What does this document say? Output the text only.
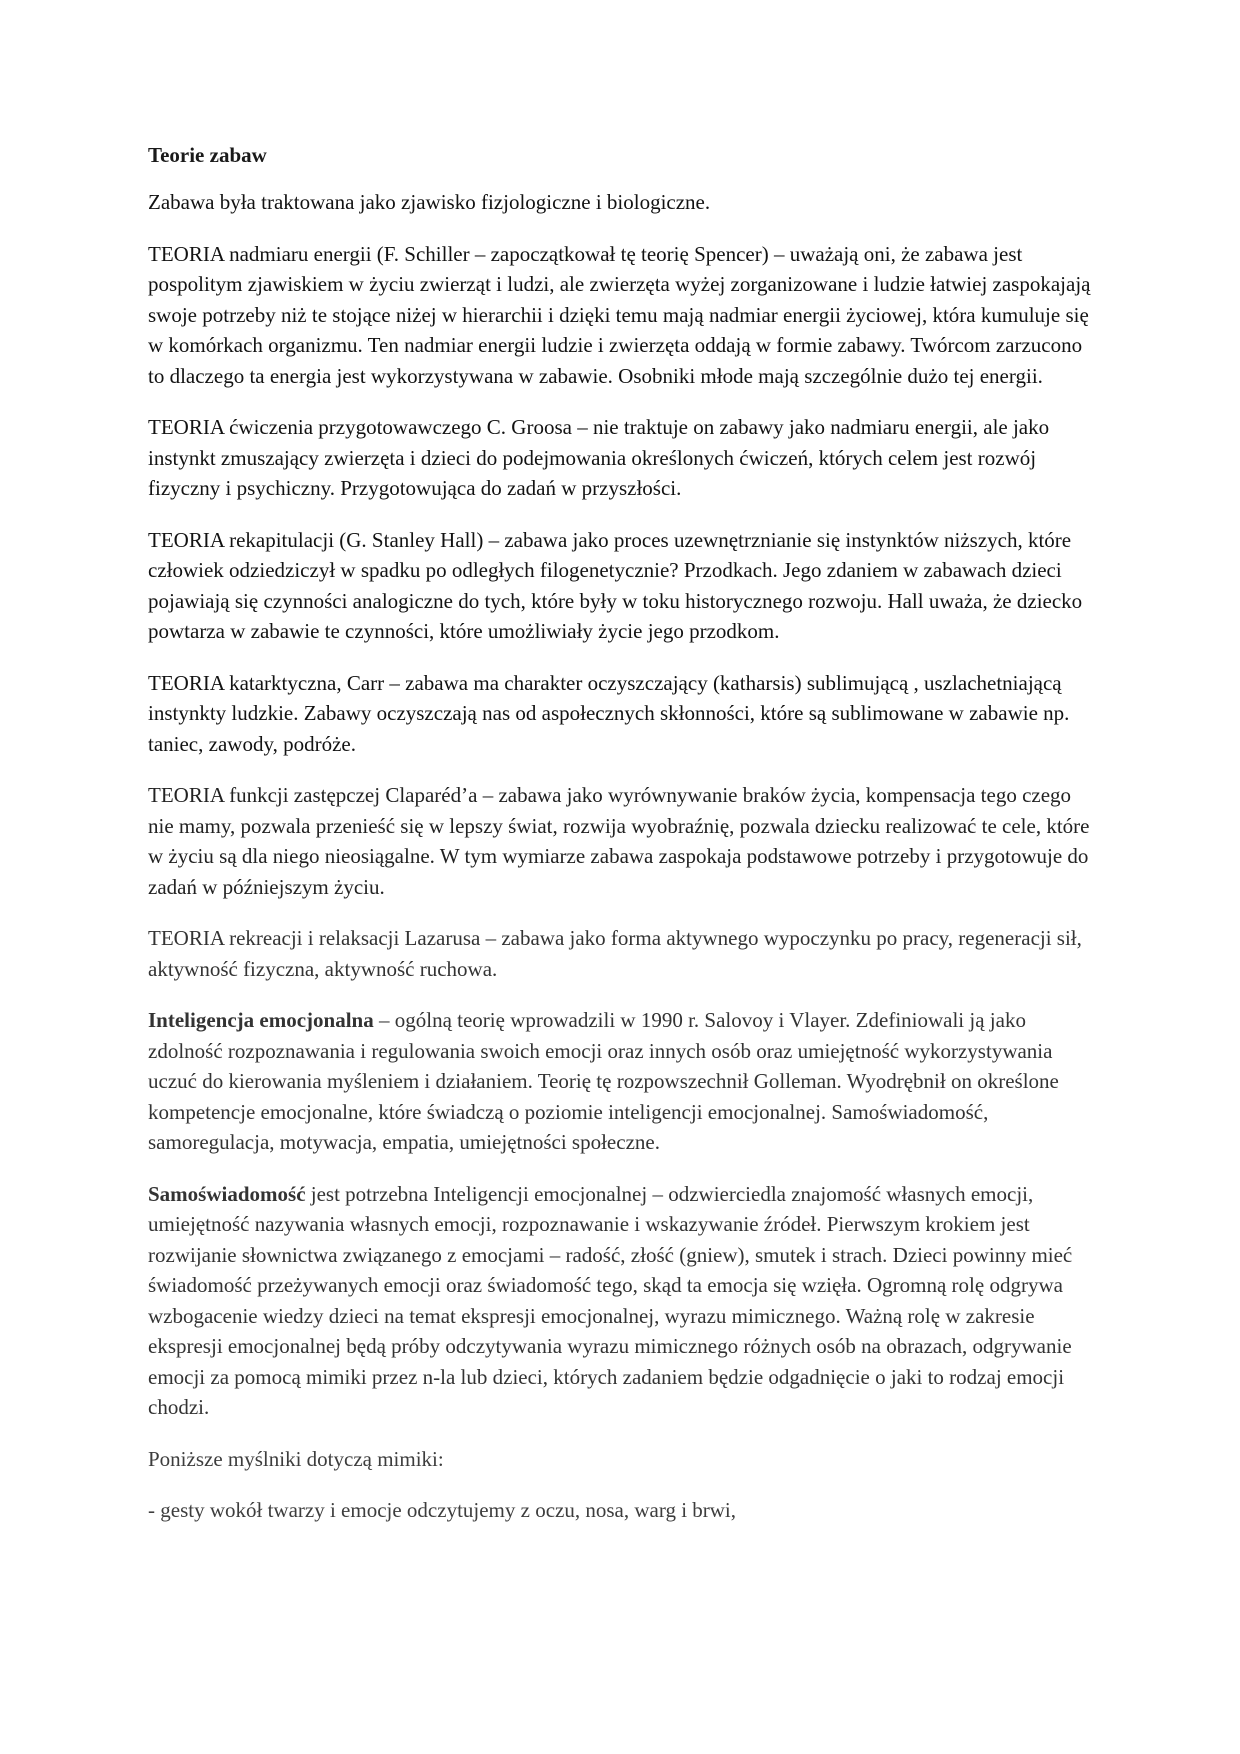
Teorie zabaw

Zabawa była traktowana jako zjawisko fizjologiczne i biologiczne.

TEORIA nadmiaru energii (F. Schiller – zapoczątkował tę teorię Spencer) – uważają oni, że zabawa jest pospolitym zjawiskiem w życiu zwierząt i ludzi, ale zwierzęta wyżej zorganizowane i ludzie łatwiej zaspokajają swoje potrzeby niż te stojące niżej w hierarchii i dzięki temu mają nadmiar energii życiowej, która kumuluje się w komórkach organizmu. Ten nadmiar energii ludzie i zwierzęta oddają w formie zabawy. Twórcom zarzucono to dlaczego ta energia jest wykorzystywana w zabawie. Osobniki młode mają szczególnie dużo tej energii.

TEORIA ćwiczenia przygotowawczego C. Groosa – nie traktuje on zabawy jako nadmiaru energii, ale jako instynkt zmuszający zwierzęta i dzieci do podejmowania określonych ćwiczeń, których celem jest rozwój fizyczny i psychiczny. Przygotowująca do zadań w przyszłości.

TEORIA rekapitulacji (G. Stanley Hall) – zabawa jako proces uzewnętrznianie się instynktów niższych, które człowiek odziedziczył w spadku po odległych filogenetycznie? Przodkach. Jego zdaniem w zabawach dzieci pojawiają się czynności analogiczne do tych, które były w toku historycznego rozwoju. Hall uważa, że dziecko powtarza w zabawie te czynności, które umożliwiały życie jego przodkom.

TEORIA katarktyczna, Carr – zabawa ma charakter oczyszczający (katharsis) sublimującą , uszlachetniającą instynkty ludzkie. Zabawy oczyszczają nas od aspołecznych skłonności, które są sublimowane w zabawie np. taniec, zawody, podróże.

TEORIA funkcji zastępczej Claparéd’a – zabawa jako wyrównywanie braków życia, kompensacja tego czego nie mamy, pozwala przenieść się w lepszy świat, rozwija wyobraźnię, pozwala dziecku realizować te cele, które w życiu są dla niego nieosiągalne. W tym wymiarze zabawa zaspokaja podstawowe potrzeby i przygotowuje do zadań w późniejszym życiu.

TEORIA rekreacji i relaksacji Lazarusa – zabawa jako forma aktywnego wypoczynku po pracy, regeneracji sił, aktywność fizyczna, aktywność ruchowa.

Inteligencja emocjonalna – ogólną teorię wprowadzili w 1990 r. Salovoy i Vlayer. Zdefiniowali ją jako zdolność rozpoznawania i regulowania swoich emocji oraz innych osób oraz umiejętność wykorzystywania uczuć do kierowania myśleniem i działaniem. Teorię tę rozpowszechnił Golleman. Wyodrębnił on określone kompetencje emocjonalne, które świadczą o poziomie inteligencji emocjonalnej. Samoświadomość, samoregulacja, motywacja, empatia, umiejętności społeczne.

Samoświadomość jest potrzebna Inteligencji emocjonalnej – odzwierciedla znajomość własnych emocji, umiejętność nazywania własnych emocji, rozpoznawanie i wskazywanie źródeł. Pierwszym krokiem jest rozwijanie słownictwa związanego z emocjami – radość, złość (gniew), smutek i strach. Dzieci powinny mieć świadomość przeżywanych emocji oraz świadomość tego, skąd ta emocja się wzięła. Ogromną rolę odgrywa wzbogacenie wiedzy dzieci na temat ekspresji emocjonalnej, wyrazu mimicznego. Ważną rolę w zakresie ekspresji emocjonalnej będą próby odczytywania wyrazu mimicznego różnych osób na obrazach, odgrywanie emocji za pomocą mimiki przez n-la lub dzieci, których zadaniem będzie odgadnięcie o jaki to rodzaj emocji chodzi.

Poniższe myślniki dotyczą mimiki:

- gesty wokół twarzy i emocje odczytujemy z oczu, nosa, warg i brwi,
